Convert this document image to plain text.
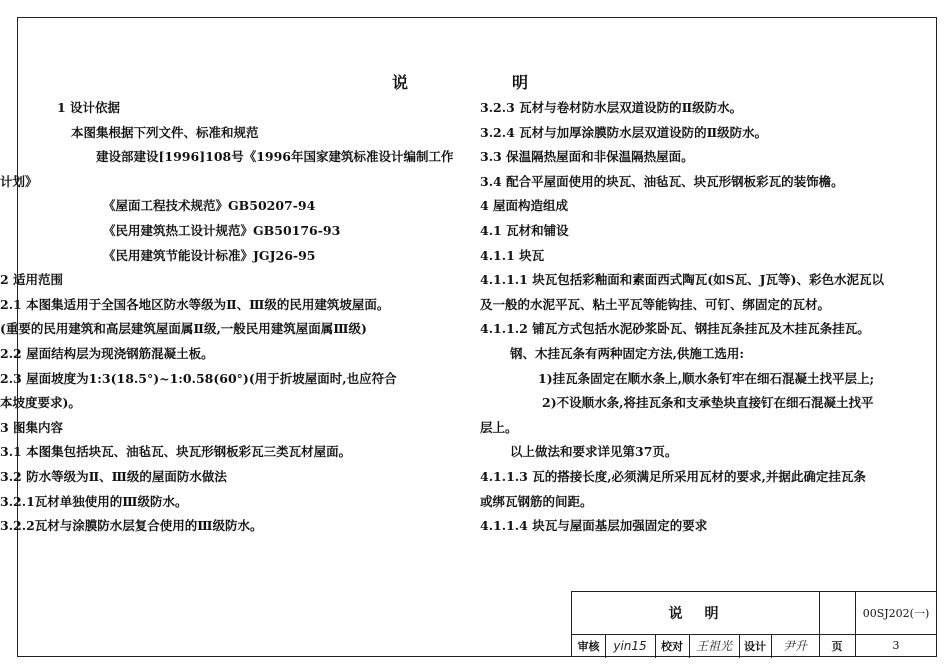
说	明
1 设计依据
本图集根据下列文件、标准和规范
建设部建设[1996]108号《1996年国家建筑标准设计编制工作
计划》
《屋面工程技术规范》GB50207-94
《民用建筑热工设计规范》GB50176-93
《民用建筑节能设计标准》JGJ26-95
2 适用范围
2.1 本图集适用于全国各地区防水等级为Ⅱ、Ⅲ级的民用建筑坡屋面。
(重要的民用建筑和高层建筑屋面属Ⅱ级,一般民用建筑屋面属Ⅲ级)
2.2 屋面结构层为现浇钢筋混凝土板。
2.3 屋面坡度为1:3(18.5°)~1:0.58(60°)(用于折坡屋面时,也应符合
本坡度要求)。
3 图集内容
3.1 本图集包括块瓦、油毡瓦、块瓦形钢板彩瓦三类瓦材屋面。
3.2 防水等级为Ⅱ、Ⅲ级的屋面防水做法
3.2.1瓦材单独使用的Ⅲ级防水。
3.2.2瓦材与涂膜防水层复合使用的Ⅲ级防水。
3.2.3 瓦材与卷材防水层双道设防的Ⅱ级防水。
3.2.4 瓦材与加厚涂膜防水层双道设防的Ⅱ级防水。
3.3 保温隔热屋面和非保温隔热屋面。
3.4 配合平屋面使用的块瓦、油毡瓦、块瓦形钢板彩瓦的装饰檐。
4 屋面构造组成
4.1 瓦材和铺设
4.1.1 块瓦
4.1.1.1 块瓦包括彩釉面和素面西式陶瓦(如S瓦、J瓦等)、彩色水泥瓦以
及一般的水泥平瓦、粘土平瓦等能钩挂、可钉、绑固定的瓦材。
4.1.1.2 铺瓦方式包括水泥砂浆卧瓦、钢挂瓦条挂瓦及木挂瓦条挂瓦。
钢、木挂瓦条有两种固定方法,供施工选用:
1)挂瓦条固定在顺水条上,顺水条钉牢在细石混凝土找平层上;
2)不设顺水条,将挂瓦条和支承垫块直接钉在细石混凝土找平
层上。
以上做法和要求详见第37页。
4.1.1.3 瓦的搭接长度,必须满足所采用瓦材的要求,并据此确定挂瓦条
或绑瓦钢筋的间距。
4.1.1.4 块瓦与屋面基层加强固定的要求
说　明	00SJ202(一)
审核	yin15	校对	王祖光	设计	尹升	页	3
